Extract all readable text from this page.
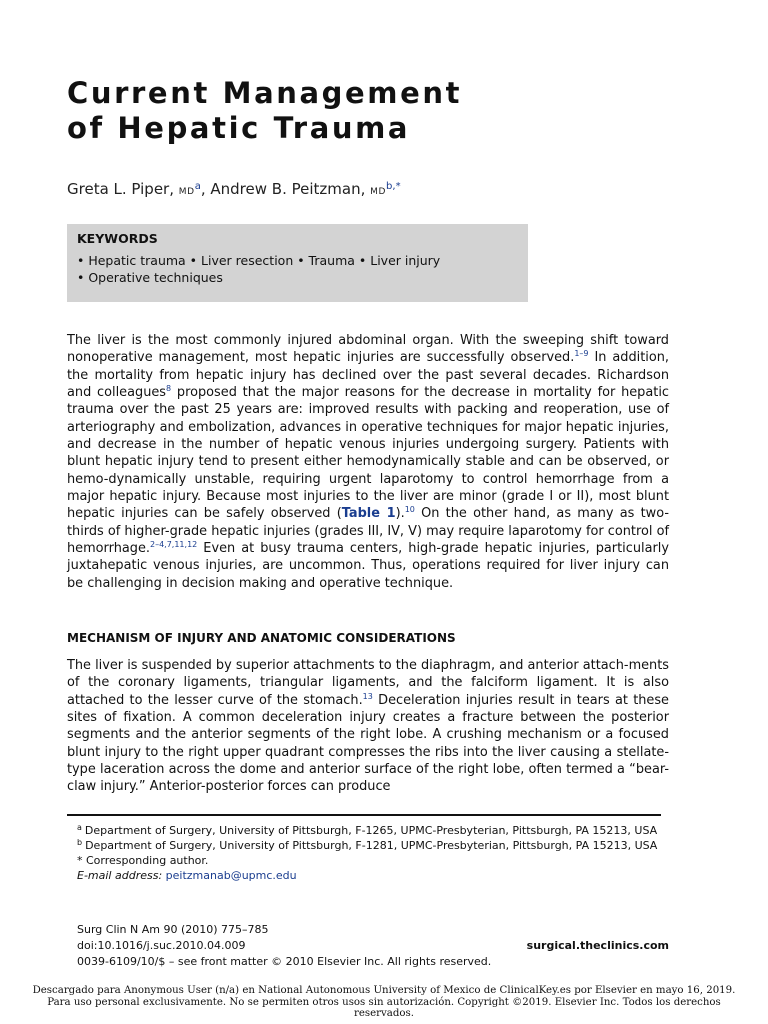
Current Management
of Hepatic Trauma
Greta L. Piper, $MD^a$, Andrew B. Peitzman, $MD^{b,*}$
KEYWORDS
• Hepatic trauma • Liver resection • Trauma • Liver injury
• Operative techniques

The liver is the most commonly injured abdominal organ. With the sweeping shift toward nonoperative management, most hepatic injuries are successfully observed.$^{1-9}$ In addition, the mortality from hepatic injury has declined over the past several decades. Richardson and colleagues$^8$ proposed that the major reasons for the decrease in mortality for hepatic trauma over the past 25 years are: improved results with packing and reoperation, use of arteriography and embolization, advances in operative techniques for major hepatic injuries, and decrease in the number of hepatic venous injuries undergoing surgery. Patients with blunt hepatic injury tend to present either hemodynamically stable and can be observed, or hemo-dynamically unstable, requiring urgent laparotomy to control hemorrhage from a major hepatic injury. Because most injuries to the liver are minor (grade I or II), most blunt hepatic injuries can be safely observed (Table 1).$^{10}$ On the other hand, as many as two-thirds of higher-grade hepatic injuries (grades III, IV, V) may require laparotomy for control of hemorrhage.$^{2-4,7,11,12}$ Even at busy trauma centers, high-grade hepatic injuries, particularly juxtahepatic venous injuries, are uncommon. Thus, operations required for liver injury can be challenging in decision making and operative technique.

MECHANISM OF INJURY AND ANATOMIC CONSIDERATIONS

The liver is suspended by superior attachments to the diaphragm, and anterior attach-ments of the coronary ligaments, triangular ligaments, and the falciform ligament. It is also attached to the lesser curve of the stomach.$^{13}$ Deceleration injuries result in tears at these sites of fixation. A common deceleration injury creates a fracture between the posterior segments and the anterior segments of the right lobe. A crushing mechanism or a focused blunt injury to the right upper quadrant compresses the ribs into the liver causing a stellate-type laceration across the dome and anterior surface of the right lobe, often termed a “bear-claw injury.” Anterior-posterior forces can produce

$^a$ Department of Surgery, University of Pittsburgh, F-1265, UPMC-Presbyterian, Pittsburgh, PA 15213, USA
$^b$ Department of Surgery, University of Pittsburgh, F-1281, UPMC-Presbyterian, Pittsburgh, PA 15213, USA
* Corresponding author.
E-mail address: peitzmanab@upmc.edu
Surg Clin N Am 90 (2010) 775–785
doi:10.1016/j.suc.2010.04.009
0039-6109/10/$ – see front matter © 2010 Elsevier Inc. All rights reserved.
surgical.theclinics.com
Descargado para Anonymous User (n/a) en National Autonomous University of Mexico de ClinicalKey.es por Elsevier en mayo 16, 2019. Para uso personal exclusivamente. No se permiten otros usos sin autorización. Copyright ©2019. Elsevier Inc. Todos los derechos reservados.
